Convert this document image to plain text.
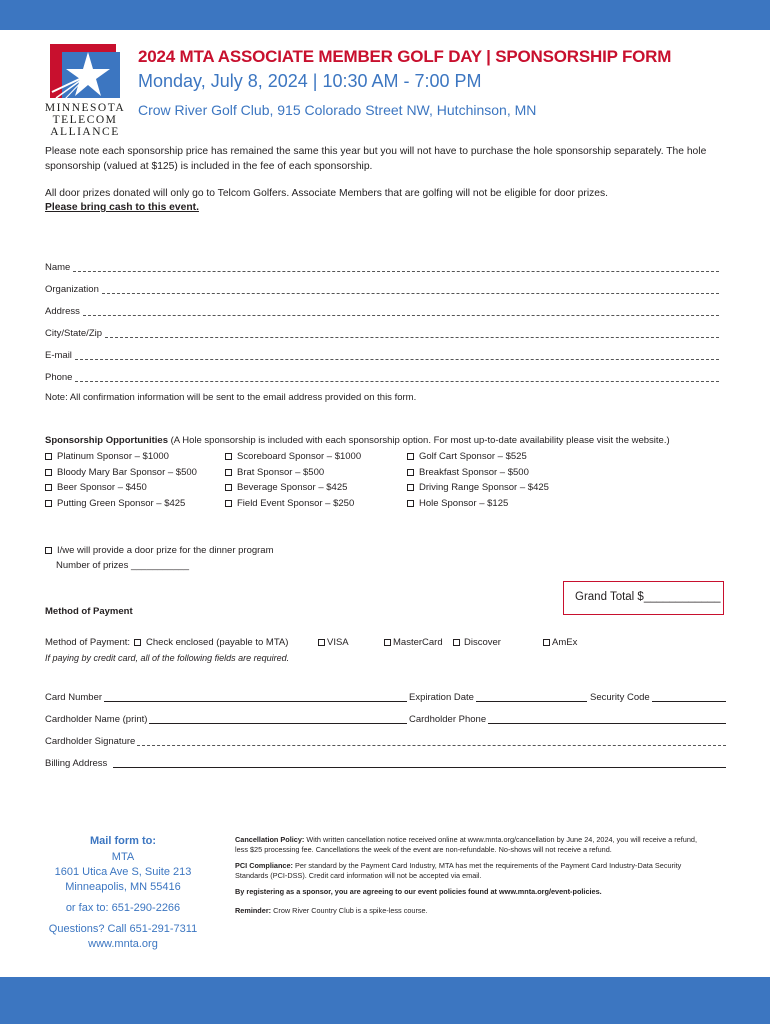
MINNESOTA
TELECOM
ALLIANCE
2024 MTA ASSOCIATE MEMBER GOLF DAY | SPONSORSHIP FORM
Monday, July 8, 2024 | 10:30 AM - 7:00 PM
Crow River Golf Club, 915 Colorado Street NW, Hutchinson, MN
Please note each sponsorship price has remained the same this year but you will not have to purchase the hole sponsorship separately. The hole sponsorship (valued at $125) is included in the fee of each sponsorship.
All door prizes donated will only go to Telcom Golfers. Associate Members that are golfing will not be eligible for door prizes.
Please bring cash to this event.
Name
Organization
Address
City/State/Zip
E-mail
Phone
Note: All confirmation information will be sent to the email address provided on this form.
Sponsorship Opportunities (A Hole sponsorship is included with each sponsorship option. For most up-to-date availability please visit the website.)
Platinum Sponsor – $1000	Scoreboard Sponsor – $1000	Golf Cart Sponsor – $525
Bloody Mary Bar Sponsor – $500	Brat Sponsor – $500	Breakfast Sponsor – $500
Beer Sponsor – $450	Beverage Sponsor – $425	Driving Range Sponsor – $425
Putting Green Sponsor – $425	Field Event Sponsor – $250	Hole Sponsor – $125
I/we will provide a door prize for the dinner program
Number of prizes ___________
Grand Total $____________
Method of Payment
Method of Payment: Check enclosed (payable to MTA)	VISA	MasterCard Discover	AmEx
If paying by credit card, all of the following fields are required.
Card Number	Expiration Date	Security Code
Cardholder Name (print)	Cardholder Phone
Cardholder Signature
Billing Address
Mail form to:
MTA
1601 Utica Ave S, Suite 213
Minneapolis, MN 55416
or fax to: 651-290-2266
Questions? Call 651-291-7311
www.mnta.org
Cancellation Policy: With written cancellation notice received online at www.mnta.org/cancellation by June 24, 2024, you will receive a refund, less $25 processing fee. Cancellations the week of the event are non-refundable. No-shows will not receive a refund.
PCI Compliance: Per standard by the Payment Card Industry, MTA has met the requirements of the Payment Card Industry-Data Security Standards (PCI-DSS). Credit card information will not be accepted via email.
By registering as a sponsor, you are agreeing to our event policies found at www.mnta.org/event-policies.
Reminder: Crow River Country Club is a spike-less course.
